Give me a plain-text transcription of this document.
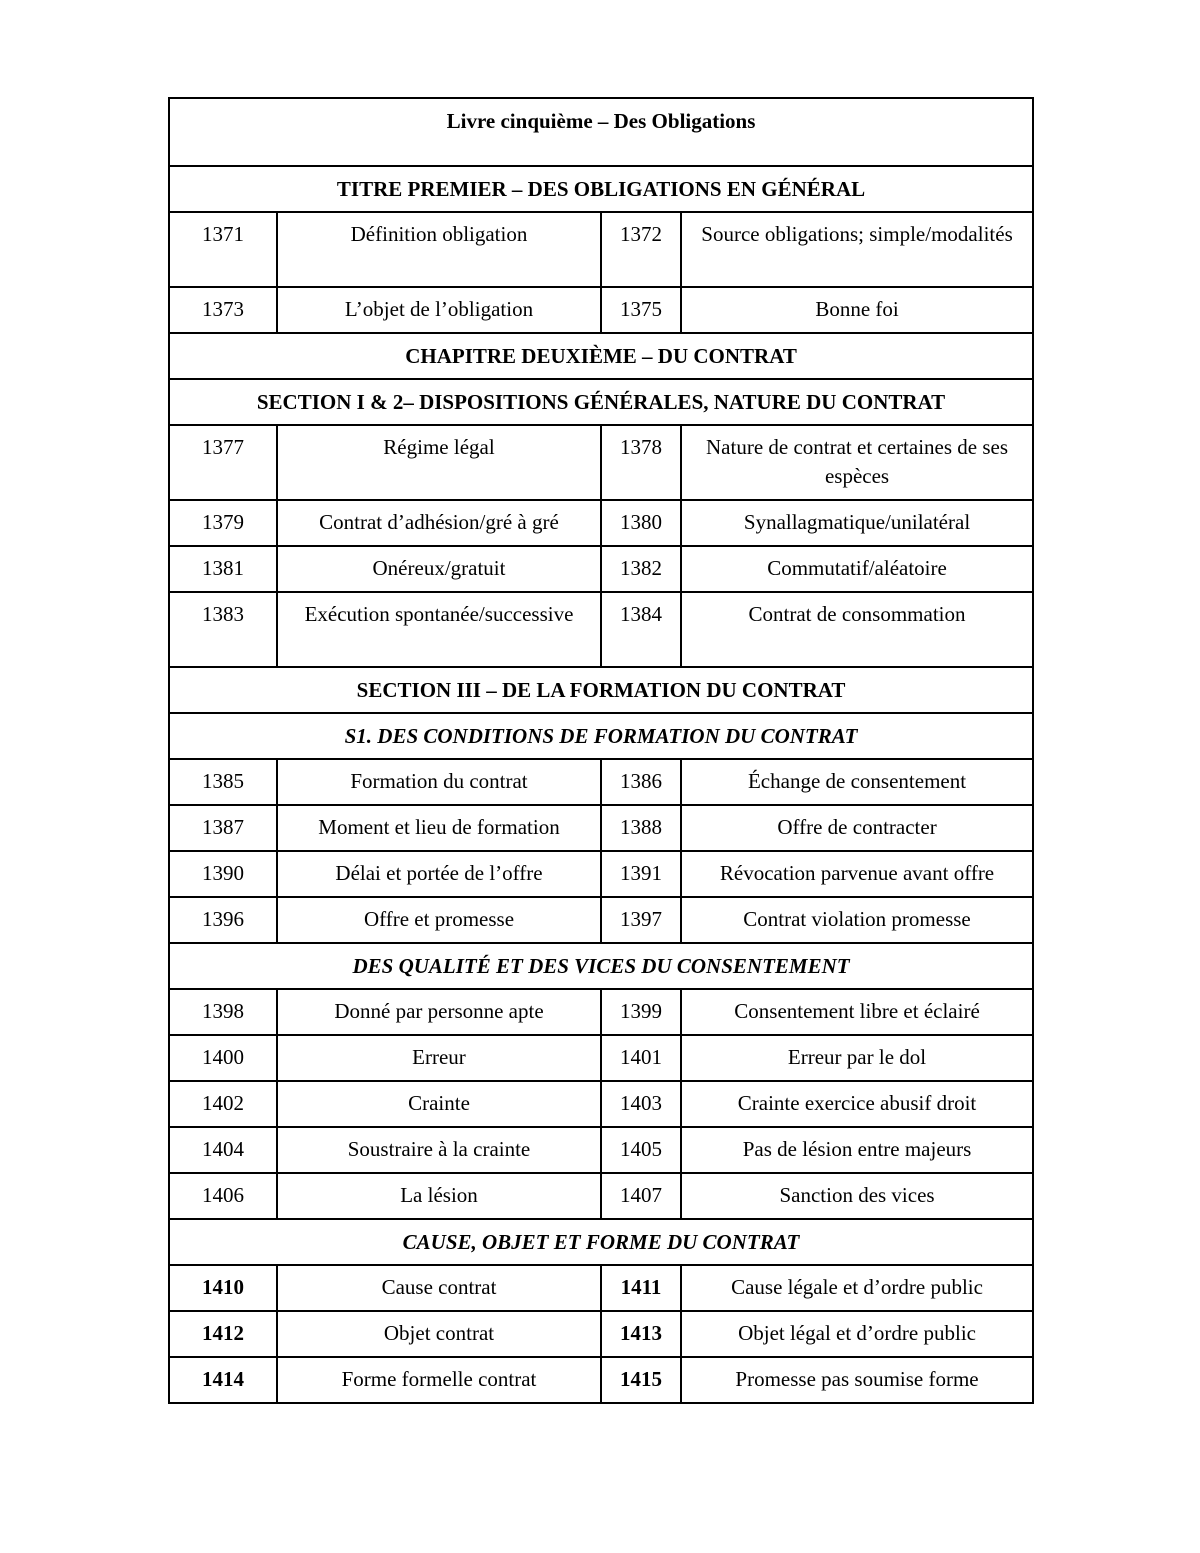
Livre cinquième – Des Obligations			
TITRE PREMIER – DES OBLIGATIONS EN GÉNÉRAL			
1371	Définition obligation	1372	Source obligations; simple/modalités
1373	L’objet de l’obligation	1375	Bonne foi
CHAPITRE DEUXIÈME – DU CONTRAT			
SECTION I & 2– DISPOSITIONS GÉNÉRALES, NATURE DU CONTRAT			
1377	Régime légal	1378	Nature de contrat et certaines de ses espèces
1379	Contrat d’adhésion/gré à gré	1380	Synallagmatique/unilatéral
1381	Onéreux/gratuit	1382	Commutatif/aléatoire
1383	Exécution spontanée/successive	1384	Contrat de consommation
SECTION III – DE LA FORMATION DU CONTRAT			
S1. DES CONDITIONS DE FORMATION DU CONTRAT			
1385	Formation du contrat	1386	Échange de consentement
1387	Moment et lieu de formation	1388	Offre de contracter
1390	Délai et portée de l’offre	1391	Révocation parvenue avant offre
1396	Offre et promesse	1397	Contrat violation promesse
DES QUALITÉ ET DES VICES DU CONSENTEMENT			
1398	Donné par personne apte	1399	Consentement libre et éclairé
1400	Erreur	1401	Erreur par le dol
1402	Crainte	1403	Crainte exercice abusif droit
1404	Soustraire à la crainte	1405	Pas de lésion entre majeurs
1406	La lésion	1407	Sanction des vices
CAUSE, OBJET ET FORME DU CONTRAT			
1410	Cause contrat	1411	Cause légale et d’ordre public
1412	Objet contrat	1413	Objet légal et d’ordre public
1414	Forme formelle contrat	1415	Promesse pas soumise forme
